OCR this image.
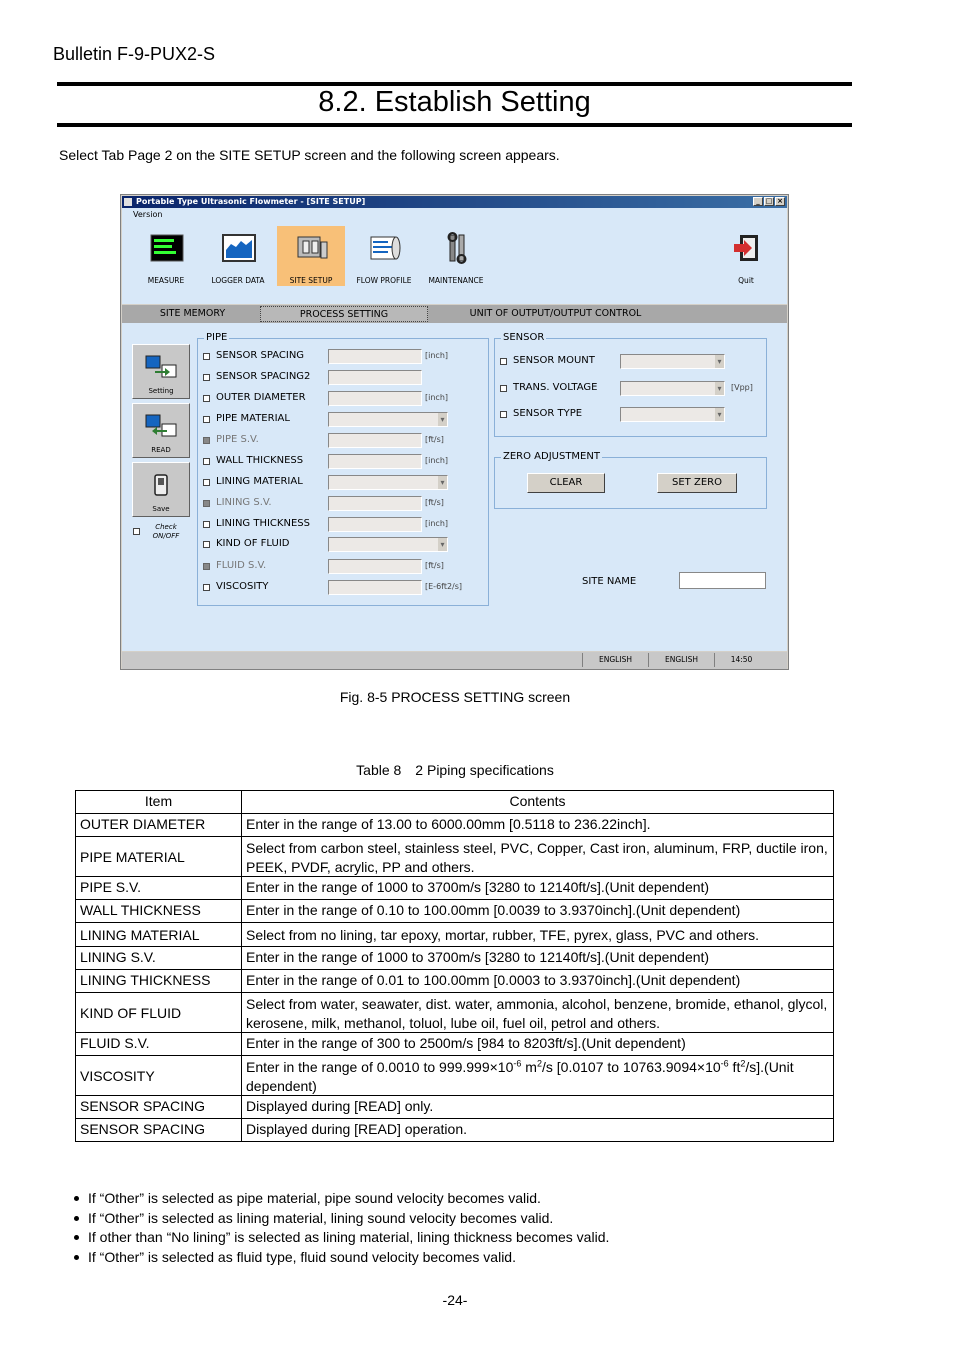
Bulletin F-9-PUX2-S
8.2. Establish Setting
Select Tab Page 2 on the SITE SETUP screen and the following screen appears.
Portable Type Ultrasonic Flowmeter - [SITE SETUP]	_ □ ×
Version
MEASURE	LOGGER DATA	SITE SETUP	FLOW PROFILE	MAINTENANCE	Quit
SITE MEMORY	PROCESS SETTING	UNIT OF OUTPUT/OUTPUT CONTROL
Setting
READ
Save
Check
ON/OFF
PIPE
SENSOR SPACING	[inch]
SENSOR SPACING2
OUTER DIAMETER	[inch]
PIPE MATERIAL
▾
PIPE S.V.	[ft/s]
WALL THICKNESS	[inch]
LINING MATERIAL
▾
LINING S.V.	[ft/s]
LINING THICKNESS	[inch]
KIND OF FLUID
▾
FLUID S.V.	[ft/s]
VISCOSITY	[E-6ft2/s]
SENSOR
SENSOR MOUNT
▾
TRANS. VOLTAGE ▾	[Vpp]
SENSOR TYPE
▾
ZERO ADJUSTMENT
CLEAR	SET ZERO
SITE NAME
ENGLISH	ENGLISH	14:50
Fig. 8-5 PROCESS SETTING screen
Table 8　2 Piping specifications
Item	Contents
OUTER DIAMETER	Enter in the range of 13.00 to 6000.00mm [0.5118 to 236.22inch].
PIPE MATERIAL	Select from carbon steel, stainless steel, PVC, Copper, Cast iron, aluminum, FRP, ductile iron, PEEK, PVDF, acrylic, PP and others.
PIPE S.V.	Enter in the range of 1000 to 3700m/s [3280 to 12140ft/s].(Unit dependent)
WALL THICKNESS	Enter in the range of 0.10 to 100.00mm [0.0039 to 3.9370inch].(Unit dependent)
LINING MATERIAL	Select from no lining, tar epoxy, mortar, rubber, TFE, pyrex, glass, PVC and others.
LINING S.V.	Enter in the range of 1000 to 3700m/s [3280 to 12140ft/s].(Unit dependent)
LINING THICKNESS	Enter in the range of 0.01 to 100.00mm [0.0003 to 3.9370inch].(Unit dependent)
KIND OF FLUID	Select from water, seawater, dist. water, ammonia, alcohol, benzene, bromide, ethanol, glycol, kerosene, milk, methanol, toluol, lube oil, fuel oil, petrol and others.
FLUID S.V.	Enter in the range of 300 to 2500m/s [984 to 8203ft/s].(Unit dependent)
VISCOSITY	Enter in the range of 0.0010 to $999.999\times 10^{-6}$ $m^2/s$ [0.0107 to $10763.9094\times 10^{-6}$ $ft^2/s].(Unit$ dependent)
SENSOR SPACING	Displayed during [READ] only.
SENSOR SPACING	Displayed during [READ] operation.
If “Other” is selected as pipe material, pipe sound velocity becomes valid.
If “Other” is selected as lining material, lining sound velocity becomes valid.
If other than “No lining” is selected as lining material, lining thickness becomes valid.
If “Other” is selected as fluid type, fluid sound velocity becomes valid.
-24-
